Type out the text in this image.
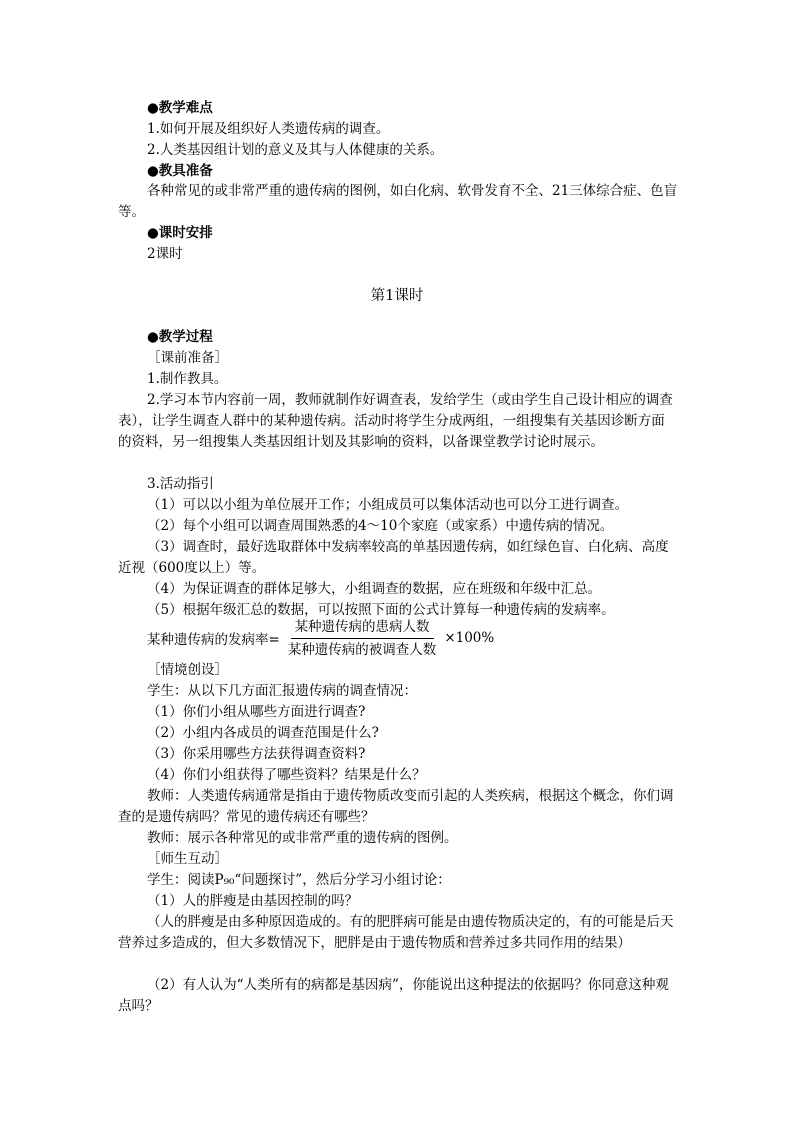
●教学难点
1.如何开展及组织好人类遗传病的调查。
2.人类基因组计划的意义及其与人体健康的关系。
●教具准备
各种常见的或非常严重的遗传病的图例，如白化病、软骨发育不全、21三体综合症、色盲等。
●课时安排
2课时
第1课时
●教学过程
［课前准备］
1.制作教具。
2.学习本节内容前一周，教师就制作好调查表，发给学生（或由学生自己设计相应的调查表），让学生调查人群中的某种遗传病。活动时将学生分成两组，一组搜集有关基因诊断方面的资料，另一组搜集人类基因组计划及其影响的资料，以备课堂教学讨论时展示。
3.活动指引
（1）可以以小组为单位展开工作；小组成员可以集体活动也可以分工进行调查。
（2）每个小组可以调查周围熟悉的4～10个家庭（或家系）中遗传病的情况。
（3）调查时，最好选取群体中发病率较高的单基因遗传病，如红绿色盲、白化病、高度近视（600度以上）等。
（4）为保证调查的群体足够大，小组调查的数据，应在班级和年级中汇总。
（5）根据年级汇总的数据，可以按照下面的公式计算每一种遗传病的发病率。
某种遗传病的发病率= $\frac{\text{某种遗传病的患病人数}}{\text{某种遗传病的被调查人数}} \times 100\%$
［情境创设］
学生：从以下几方面汇报遗传病的调查情况：
（1）你们小组从哪些方面进行调查?
（2）小组内各成员的调查范围是什么?
（3）你采用哪些方法获得调查资料?
（4）你们小组获得了哪些资料？结果是什么？
教师：人类遗传病通常是指由于遗传物质改变而引起的人类疾病，根据这个概念，你们调查的是遗传病吗？常见的遗传病还有哪些？
教师：展示各种常见的或非常严重的遗传病的图例。
［师生互动］
学生：阅读P₉₀“问题探讨”，然后分学习小组讨论：
（1）人的胖瘦是由基因控制的吗？
（人的胖瘦是由多种原因造成的。有的肥胖病可能是由遗传物质决定的，有的可能是后天营养过多造成的，但大多数情况下，肥胖是由于遗传物质和营养过多共同作用的结果）
（2）有人认为“人类所有的病都是基因病”，你能说出这种提法的依据吗？你同意这种观点吗？
